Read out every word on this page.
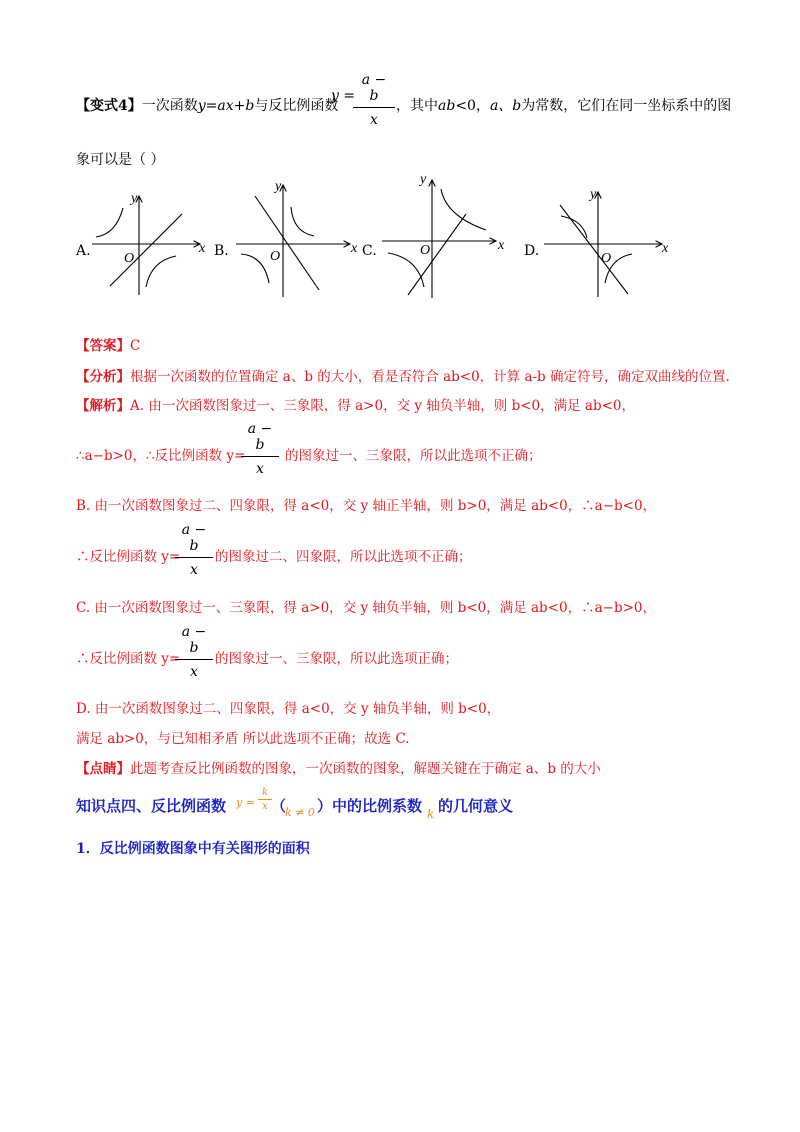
【变式4】一次函数y=ax+b与反比例函数
y =
$\frac{a - b}{x}$ ，其中ab<0，a、b为常数，它们在同一坐标系中的图
象可以是（ ）
A.	B.	C.	D.
x
y
O
x
y
O
x
y
O	x
y
O
【答案】C
【分析】根据一次函数的位置确定 a、b 的大小，看是否符合 ab<0，计算 a-b 确定符号，确定双曲线的位置.
【解析】A. 由一次函数图象过一、三象限，得 a>0，交 y 轴负半轴，则 b<0，满足 ab<0，
∴a−b>0，∴反比例函数 y=
$\frac{a - b}{x}$ 的图象过一、三象限，所以此选项不正确；
B. 由一次函数图象过二、四象限，得 a<0，交 y 轴正半轴，则 b>0，满足 ab<0，∴a−b<0，
∴反比例函数 y=
$\frac{a - b}{x}$ 的图象过二、四象限，所以此选项不正确；
C. 由一次函数图象过一、三象限，得 a>0，交 y 轴负半轴，则 b<0，满足 ab<0，∴a−b>0，
∴反比例函数 y=
$\frac{a - b}{x}$ 的图象过一、三象限，所以此选项正确；
D. 由一次函数图象过二、四象限，得 a<0，交 y 轴负半轴，则 b<0，
满足 ab>0，与已知相矛盾 所以此选项不正确；故选 C.
【点睛】此题考查反比例函数的图象，一次函数的图象，解题关键在于确定 a、b 的大小
知识点四、反比例函数 $y = \frac{k}{x}$ （
k ≠ 0 ）中的比例系数 k 的几何意义
1．反比例函数图象中有关图形的面积
